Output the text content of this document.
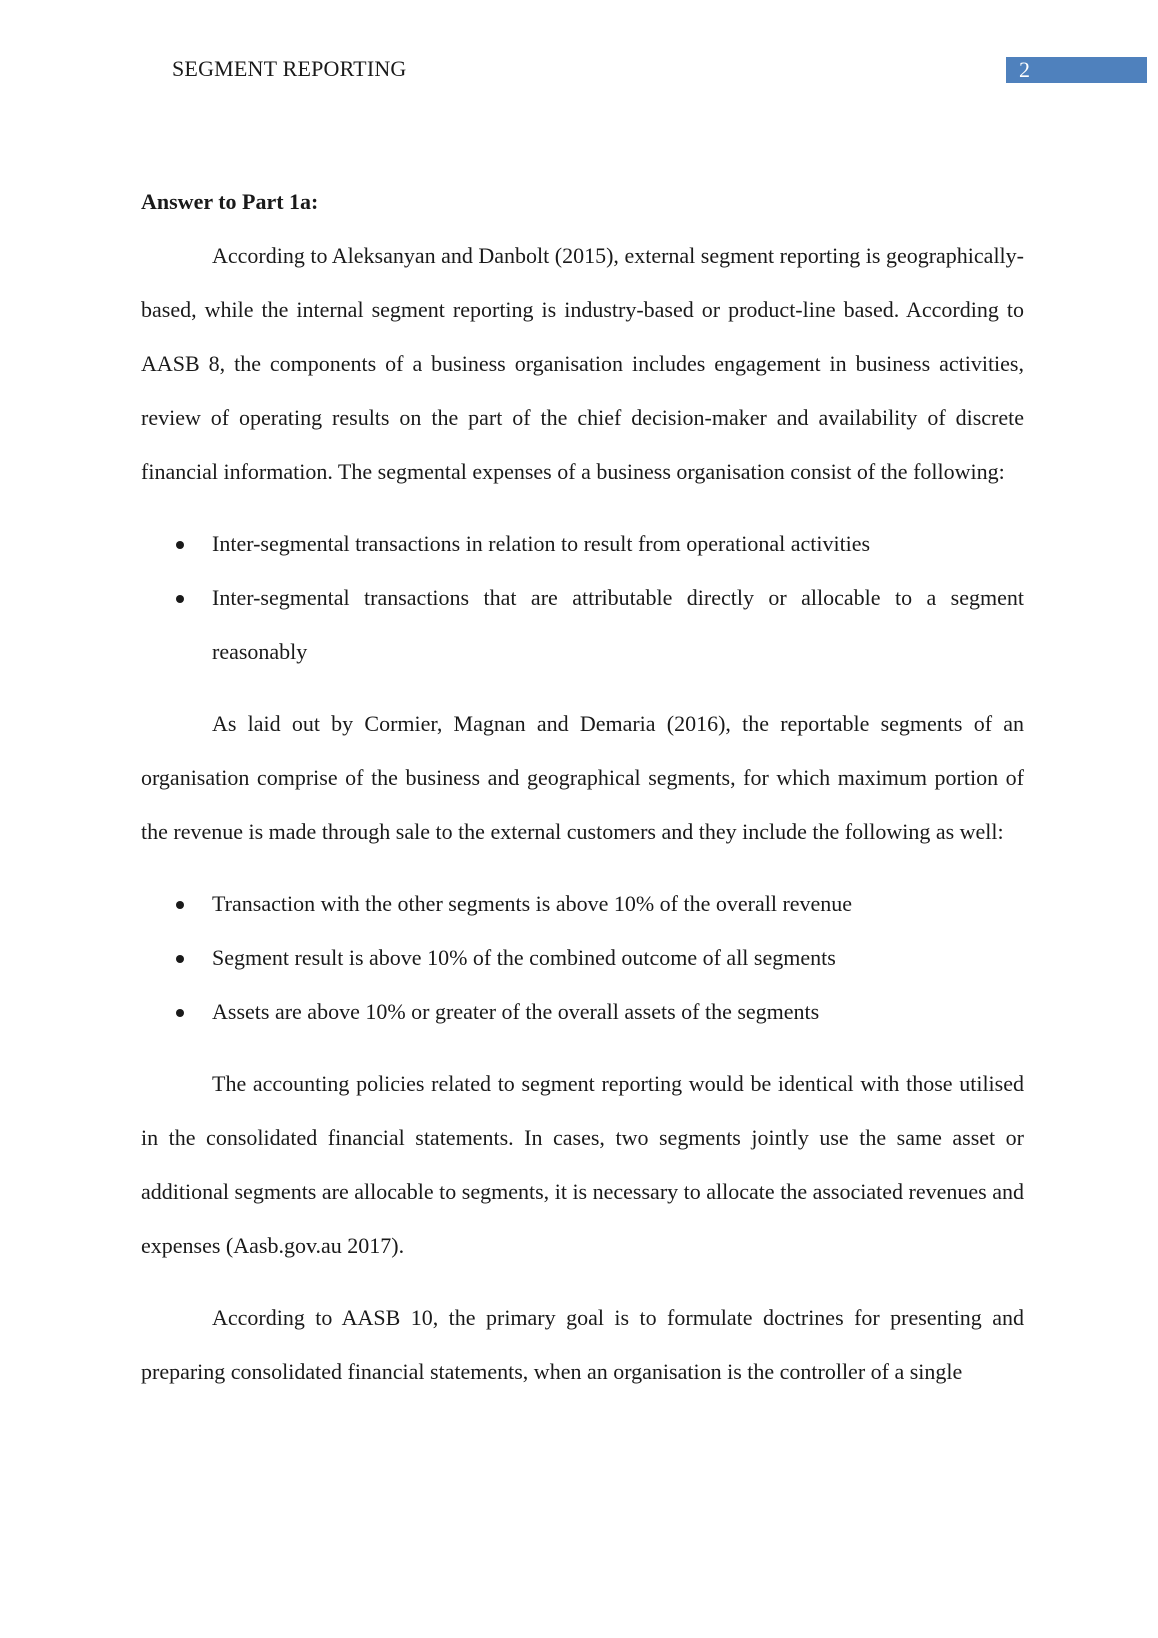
SEGMENT REPORTING	2

Answer to Part 1a:

According to Aleksanyan and Danbolt (2015), external segment reporting is geographically-based, while the internal segment reporting is industry-based or product-line based. According to AASB 8, the components of a business organisation includes engagement in business activities, review of operating results on the part of the chief decision-maker and availability of discrete financial information. The segmental expenses of a business organisation consist of the following:

Inter-segmental transactions in relation to result from operational activities
Inter-segmental transactions that are attributable directly or allocable to a segment reasonably

As laid out by Cormier, Magnan and Demaria (2016), the reportable segments of an organisation comprise of the business and geographical segments, for which maximum portion of the revenue is made through sale to the external customers and they include the following as well:

Transaction with the other segments is above 10% of the overall revenue
Segment result is above 10% of the combined outcome of all segments
Assets are above 10% or greater of the overall assets of the segments

The accounting policies related to segment reporting would be identical with those utilised in the consolidated financial statements. In cases, two segments jointly use the same asset or additional segments are allocable to segments, it is necessary to allocate the associated revenues and expenses (Aasb.gov.au 2017).

According to AASB 10, the primary goal is to formulate doctrines for presenting and preparing consolidated financial statements, when an organisation is the controller of a single
